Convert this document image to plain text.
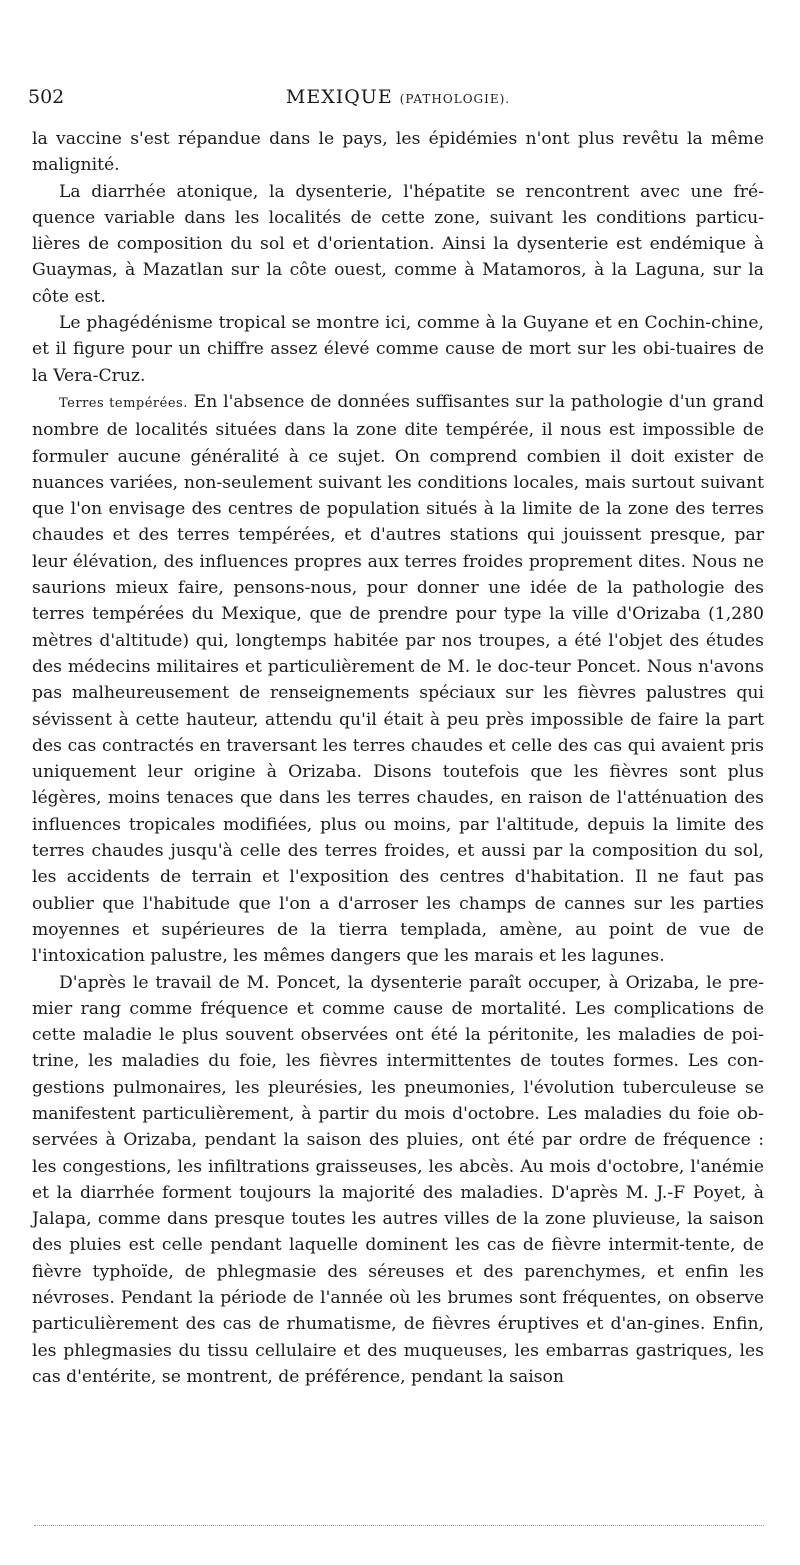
502	MEXIQUE (PATHOLOGIE).

la vaccine s'est répandue dans le pays, les épidémies n'ont plus revêtu la même malignité.

La diarrhée atonique, la dysenterie, l'hépatite se rencontrent avec une fré-quence variable dans les localités de cette zone, suivant les conditions particu-lières de composition du sol et d'orientation. Ainsi la dysenterie est endémique à Guaymas, à Mazatlan sur la côte ouest, comme à Matamoros, à la Laguna, sur la côte est.

Le phagédénisme tropical se montre ici, comme à la Guyane et en Cochin-chine, et il figure pour un chiffre assez élevé comme cause de mort sur les obi-tuaires de la Vera-Cruz.

Terres tempérées. En l'absence de données suffisantes sur la pathologie d'un grand nombre de localités situées dans la zone dite tempérée, il nous est impossible de formuler aucune généralité à ce sujet. On comprend combien il doit exister de nuances variées, non-seulement suivant les conditions locales, mais surtout suivant que l'on envisage des centres de population situés à la limite de la zone des terres chaudes et des terres tempérées, et d'autres stations qui jouissent presque, par leur élévation, des influences propres aux terres froides proprement dites. Nous ne saurions mieux faire, pensons-nous, pour donner une idée de la pathologie des terres tempérées du Mexique, que de prendre pour type la ville d'Orizaba (1,280 mètres d'altitude) qui, longtemps habitée par nos troupes, a été l'objet des études des médecins militaires et particulièrement de M. le doc-teur Poncet. Nous n'avons pas malheureusement de renseignements spéciaux sur les fièvres palustres qui sévissent à cette hauteur, attendu qu'il était à peu près impossible de faire la part des cas contractés en traversant les terres chaudes et celle des cas qui avaient pris uniquement leur origine à Orizaba. Disons toutefois que les fièvres sont plus légères, moins tenaces que dans les terres chaudes, en raison de l'atténuation des influences tropicales modifiées, plus ou moins, par l'altitude, depuis la limite des terres chaudes jusqu'à celle des terres froides, et aussi par la composition du sol, les accidents de terrain et l'exposition des centres d'habitation. Il ne faut pas oublier que l'habitude que l'on a d'arroser les champs de cannes sur les parties moyennes et supérieures de la tierra templada, amène, au point de vue de l'intoxication palustre, les mêmes dangers que les marais et les lagunes.

D'après le travail de M. Poncet, la dysenterie paraît occuper, à Orizaba, le pre-mier rang comme fréquence et comme cause de mortalité. Les complications de cette maladie le plus souvent observées ont été la péritonite, les maladies de poi-trine, les maladies du foie, les fièvres intermittentes de toutes formes. Les con-gestions pulmonaires, les pleurésies, les pneumonies, l'évolution tuberculeuse se manifestent particulièrement, à partir du mois d'octobre. Les maladies du foie ob-servées à Orizaba, pendant la saison des pluies, ont été par ordre de fréquence : les congestions, les infiltrations graisseuses, les abcès. Au mois d'octobre, l'anémie et la diarrhée forment toujours la majorité des maladies. D'après M. J.-F Poyet, à Jalapa, comme dans presque toutes les autres villes de la zone pluvieuse, la saison des pluies est celle pendant laquelle dominent les cas de fièvre intermit-tente, de fièvre typhoïde, de phlegmasie des séreuses et des parenchymes, et enfin les névroses. Pendant la période de l'année où les brumes sont fréquentes, on observe particulièrement des cas de rhumatisme, de fièvres éruptives et d'an-gines. Enfin, les phlegmasies du tissu cellulaire et des muqueuses, les embarras gastriques, les cas d'entérite, se montrent, de préférence, pendant la saison
